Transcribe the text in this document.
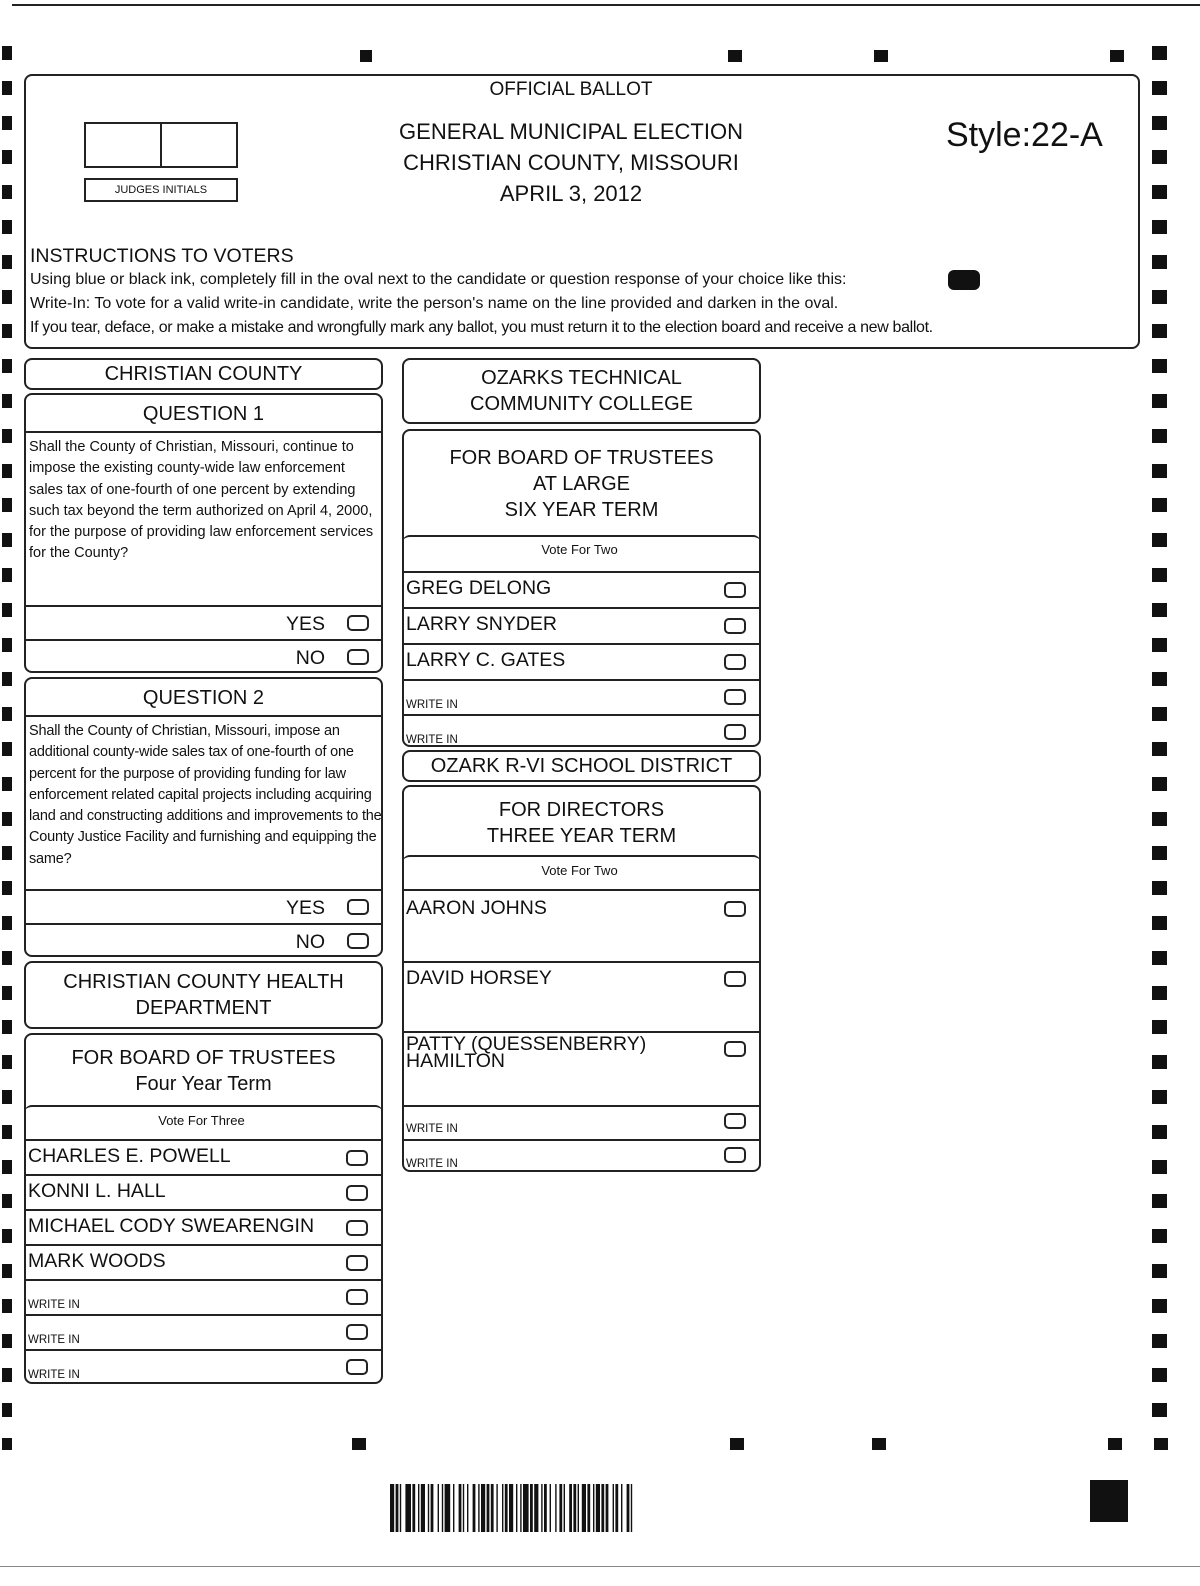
JUDGES INITIALS
OFFICIAL BALLOT
GENERAL MUNICIPAL ELECTION
CHRISTIAN COUNTY, MISSOURI
APRIL 3, 2012
Style:22-A
INSTRUCTIONS TO VOTERS
Using blue or black ink, completely fill in the oval next to the candidate or question response of your choice like this:
Write-In: To vote for a valid write-in candidate, write the person's name on the line provided and darken in the oval.
If you tear, deface, or make a mistake and wrongfully mark any ballot, you must return it to the election board and receive a new ballot.
CHRISTIAN COUNTY
QUESTION 1
Shall the County of Christian, Missouri, continue to impose the existing county-wide law enforcement sales tax of one-fourth of one percent by extending such tax beyond the term authorized on April 4, 2000, for the purpose of providing law enforcement services for the County?
YES
NO
QUESTION 2
Shall the County of Christian, Missouri, impose an additional county-wide sales tax of one-fourth of one percent for the purpose of providing funding for law enforcement related capital projects including acquiring land and constructing additions and improvements to the County Justice Facility and furnishing and equipping the same?
YES
NO
CHRISTIAN COUNTY HEALTH
DEPARTMENT
FOR BOARD OF TRUSTEES
Four Year Term
Vote For Three
CHARLES E. POWELL
KONNI L. HALL
MICHAEL CODY SWEARENGIN
MARK WOODS
WRITE IN
WRITE IN
WRITE IN
OZARKS TECHNICAL
COMMUNITY COLLEGE
FOR BOARD OF TRUSTEES
AT LARGE
SIX YEAR TERM
Vote For Two
GREG DELONG
LARRY SNYDER
LARRY C. GATES
WRITE IN
WRITE IN
OZARK R-VI SCHOOL DISTRICT
FOR DIRECTORS
THREE YEAR TERM
Vote For Two
AARON JOHNS
DAVID HORSEY
PATTY (QUESSENBERRY)
HAMILTON
WRITE IN
WRITE IN
